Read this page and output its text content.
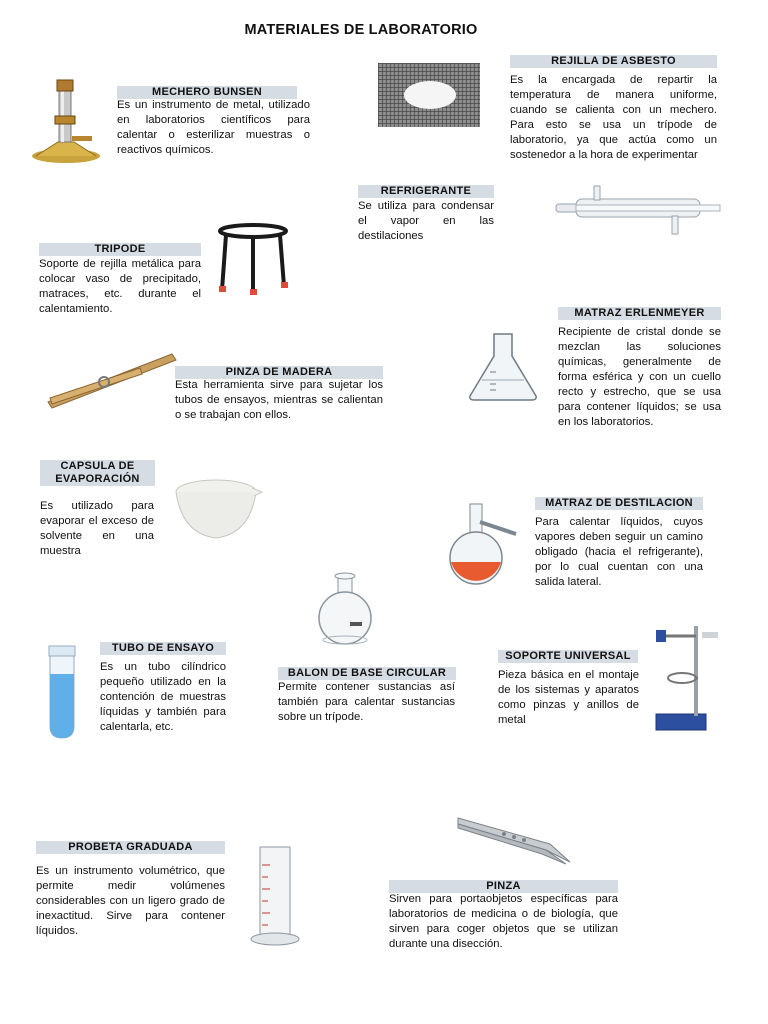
MATERIALES DE LABORATORIO
MECHERO BUNSEN
Es un instrumento de metal, utilizado en laboratorios científicos para calentar o esterilizar muestras o reactivos químicos.
REJILLA DE ASBESTO
Es la encargada de repartir la temperatura de manera uniforme, cuando se calienta con un mechero. Para esto se usa un trípode de laboratorio, ya que actúa como un sostenedor a la hora de experimentar
REFRIGERANTE
Se utiliza para condensar el vapor en las destilaciones
TRIPODE
Soporte de rejilla metálica para colocar vaso de precipitado, matraces, etc. durante el calentamiento.	MATRAZ ERLENMEYER
Recipiente de cristal donde se mezclan las soluciones químicas, generalmente de forma esférica y con un cuello recto y estrecho, que se usa para contener líquidos; se usa en los laboratorios.
PINZA DE MADERA
Esta herramienta sirve para sujetar los tubos de ensayos, mientras se calientan o se trabajan con ellos.
CAPSULA DE EVAPORACIÓN
Es utilizado para evaporar el exceso de solvente en una muestra
MATRAZ DE DESTILACION
Para calentar líquidos, cuyos vapores deben seguir un camino obligado (hacia el refrigerante), por lo cual cuentan con una salida lateral.
TUBO DE ENSAYO
Es un tubo cilíndrico pequeño utilizado en la contención de muestras líquidas y también para calentarla, etc.
BALON DE BASE CIRCULAR
Permite contener sustancias así también para calentar sustancias sobre un trípode.
SOPORTE UNIVERSAL
Pieza básica en el montaje de los sistemas y aparatos como pinzas y anillos de metal
PROBETA GRADUADA
Es un instrumento volumétrico, que permite medir volúmenes considerables con un ligero grado de inexactitud. Sirve para contener líquidos.
PINZA
Sirven para portaobjetos específicas para laboratorios de medicina o de biología, que sirven para coger objetos que se utilizan durante una disección.
